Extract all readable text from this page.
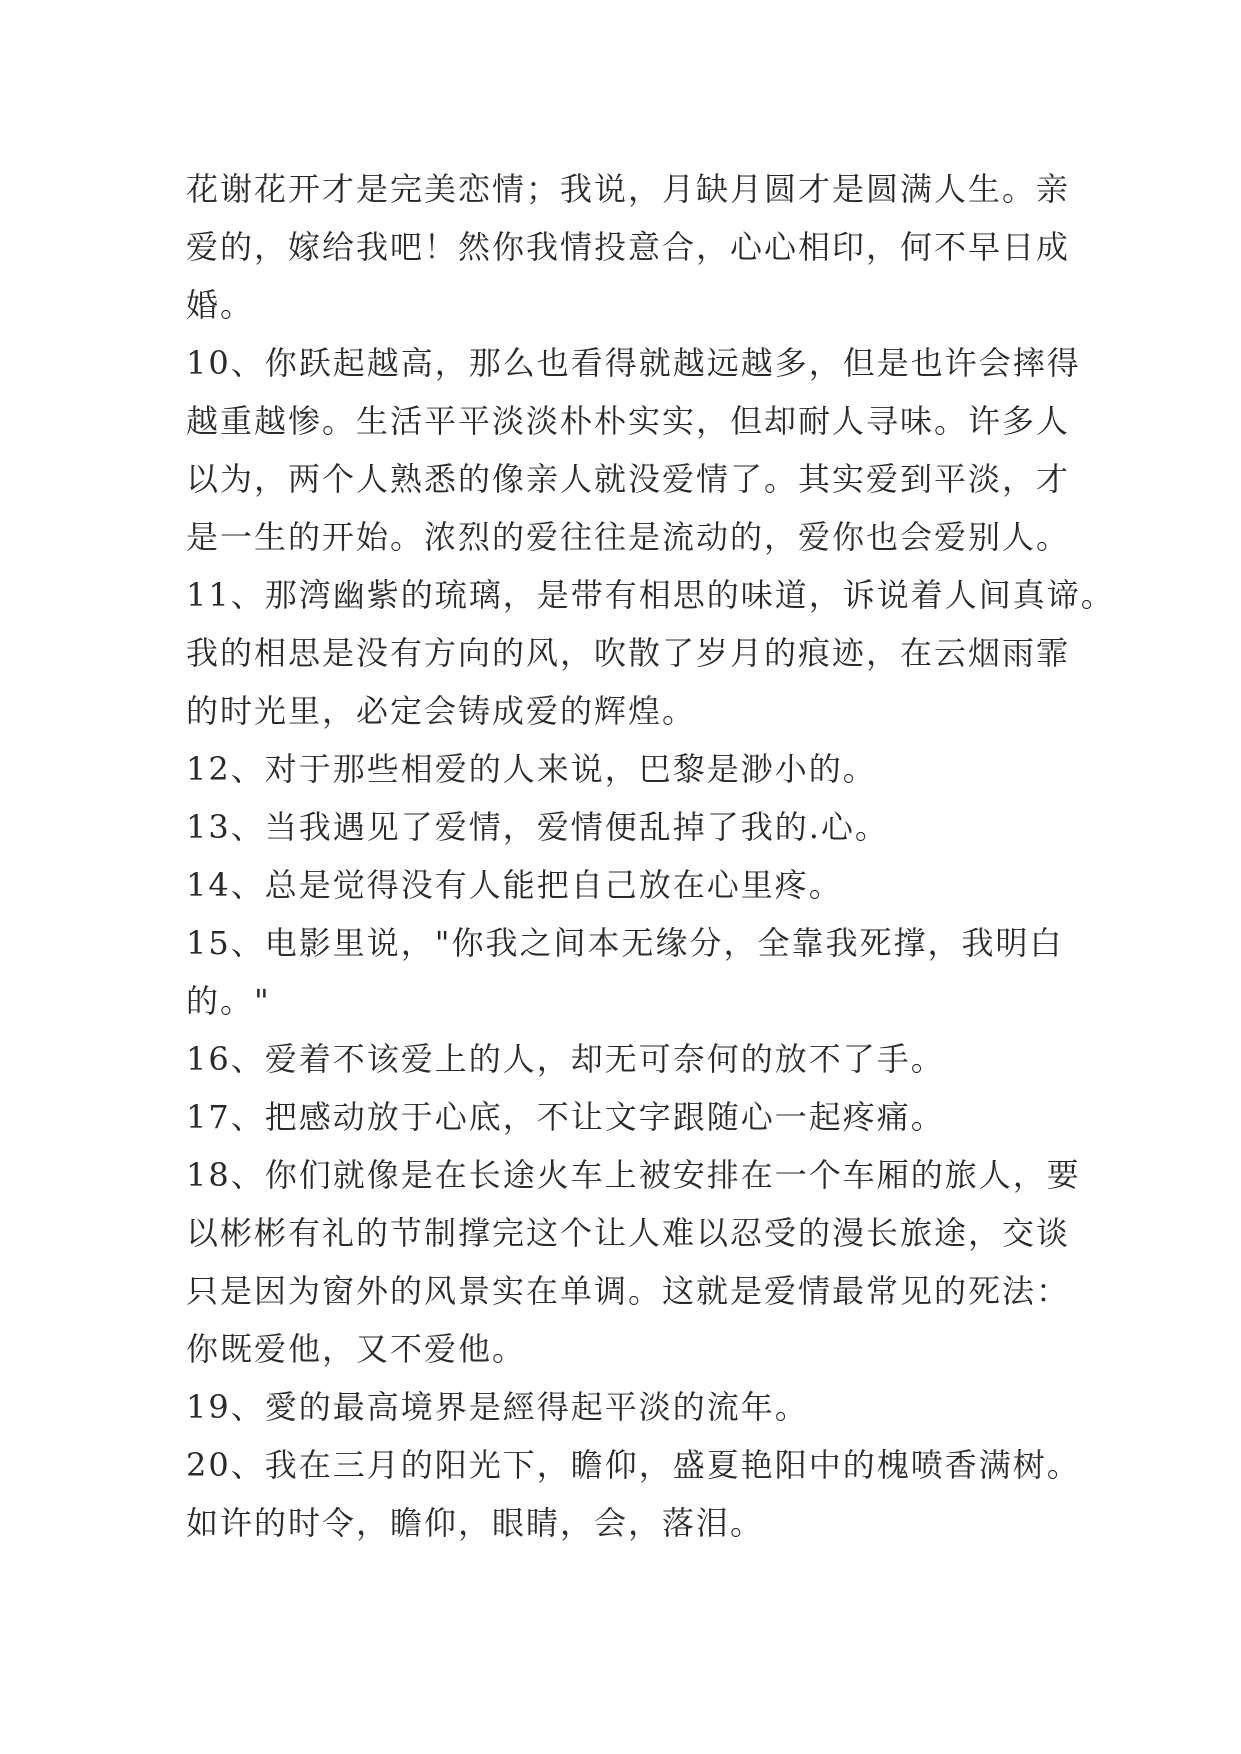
花谢花开才是完美恋情；我说，月缺月圆才是圆满人生。亲
爱的，嫁给我吧！然你我情投意合，心心相印，何不早日成
婚。
10、你跃起越高，那么也看得就越远越多，但是也许会摔得
越重越惨。生活平平淡淡朴朴实实，但却耐人寻味。许多人
以为，两个人熟悉的像亲人就没爱情了。其实爱到平淡，才
是一生的开始。浓烈的爱往往是流动的，爱你也会爱别人。
11、那湾幽紫的琉璃，是带有相思的味道，诉说着人间真谛。
我的相思是没有方向的风，吹散了岁月的痕迹，在云烟雨霏
的时光里，必定会铸成爱的辉煌。
12、对于那些相爱的人来说，巴黎是渺小的。
13、当我遇见了爱情，爱情便乱掉了我的.心。
14、总是觉得没有人能把自己放在心里疼。
15、电影里说，"你我之间本无缘分，全靠我死撑，我明白
的。"
16、爱着不该爱上的人，却无可奈何的放不了手。
17、把感动放于心底，不让文字跟随心一起疼痛。
18、你们就像是在长途火车上被安排在一个车厢的旅人，要
以彬彬有礼的节制撑完这个让人难以忍受的漫长旅途，交谈
只是因为窗外的风景实在单调。这就是爱情最常见的死法：
你既爱他，又不爱他。
19、愛的最高境界是經得起平淡的流年。
20、我在三月的阳光下，瞻仰，盛夏艳阳中的槐喷香满树。
如许的时令，瞻仰，眼睛，会，落泪。
